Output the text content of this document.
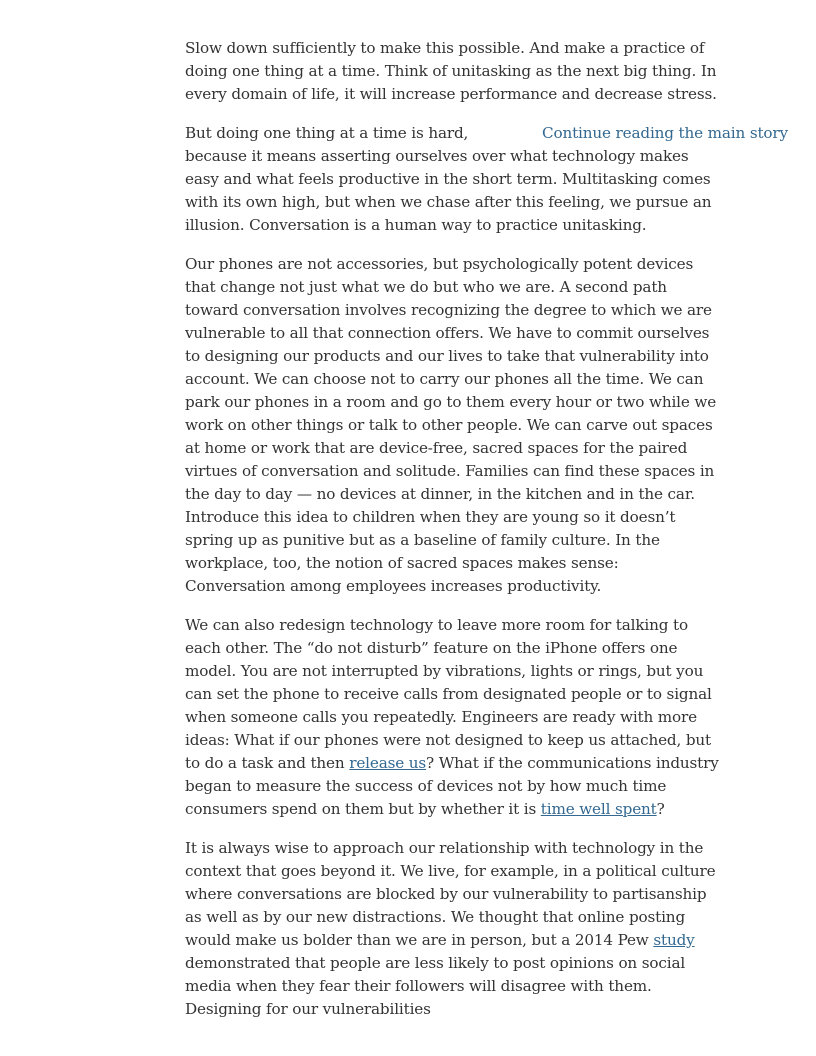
Slow down sufficiently to make this possible. And make a practice of doing one thing at a time. Think of unitasking as the next big thing. In every domain of life, it will increase performance and decrease stress.

Continue reading the main story
But doing one thing at a time is hard, because it means asserting ourselves over what technology makes easy and what feels productive in the short term. Multitasking comes with its own high, but when we chase after this feeling, we pursue an illusion. Conversation is a human way to practice unitasking.

Our phones are not accessories, but psychologically potent devices that change not just what we do but who we are. A second path toward conversation involves recognizing the degree to which we are vulnerable to all that connection offers. We have to commit ourselves to designing our products and our lives to take that vulnerability into account. We can choose not to carry our phones all the time. We can park our phones in a room and go to them every hour or two while we work on other things or talk to other people. We can carve out spaces at home or work that are device-free, sacred spaces for the paired virtues of conversation and solitude. Families can find these spaces in the day to day — no devices at dinner, in the kitchen and in the car. Introduce this idea to children when they are young so it doesn’t spring up as punitive but as a baseline of family culture. In the workplace, too, the notion of sacred spaces makes sense: Conversation among employees increases productivity.

We can also redesign technology to leave more room for talking to each other. The “do not disturb” feature on the iPhone offers one model. You are not interrupted by vibrations, lights or rings, but you can set the phone to receive calls from designated people or to signal when someone calls you repeatedly. Engineers are ready with more ideas: What if our phones were not designed to keep us attached, but to do a task and then release us? What if the communications industry began to measure the success of devices not by how much time consumers spend on them but by whether it is time well spent?

It is always wise to approach our relationship with technology in the context that goes beyond it. We live, for example, in a political culture where conversations are blocked by our vulnerability to partisanship as well as by our new distractions. We thought that online posting would make us bolder than we are in person, but a 2014 Pew study demonstrated that people are less likely to post opinions on social media when they fear their followers will disagree with them. Designing for our vulnerabilities
